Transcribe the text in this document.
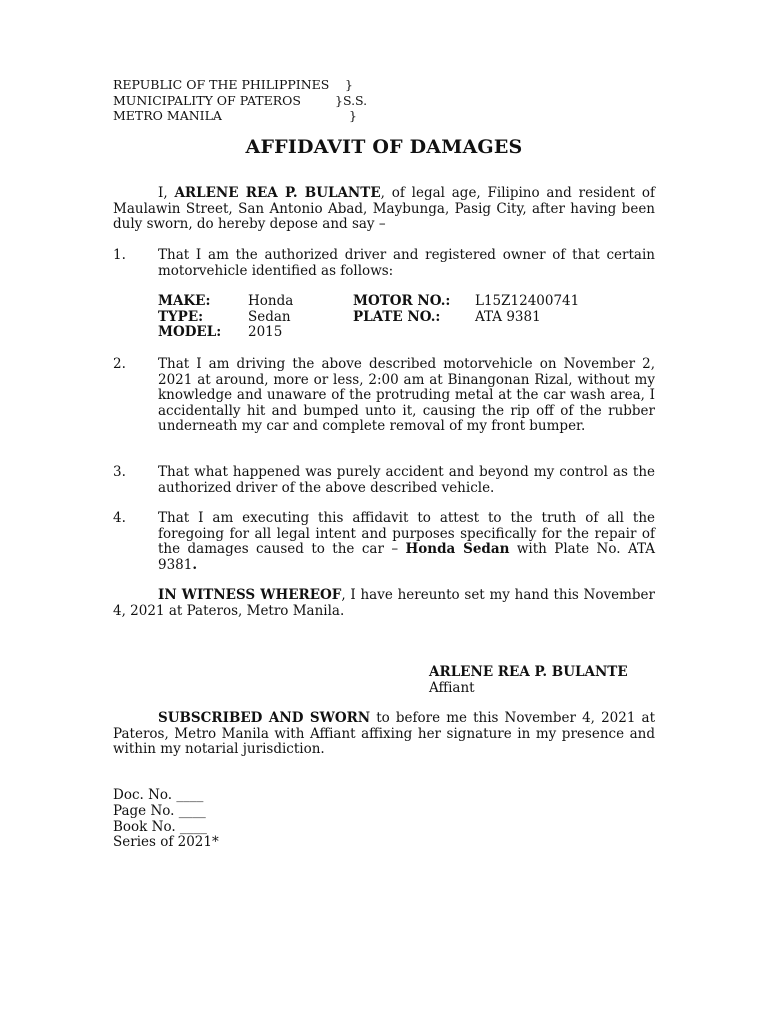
REPUBLIC OF THE PHILIPPINES }
MUNICIPALITY OF PATEROS	}S.S.
METRO MANILA	}
AFFIDAVIT OF DAMAGES
I, ARLENE REA P. BULANTE, of legal age, Filipino and resident of Maulawin Street, San Antonio Abad, Maybunga, Pasig City, after having been duly sworn, do hereby depose and say –
1. That I am the authorized driver and registered owner of that certain motorvehicle identified as follows:
MAKE:	Honda	MOTOR NO.: L15Z12400741
TYPE:	Sedan	PLATE NO.:	ATA 9381
MODEL: 2015
2. That I am driving the above described motorvehicle on November 2, 2021 at around, more or less, 2:00 am at Binangonan Rizal, without my knowledge and unaware of the protruding metal at the car wash area, I accidentally hit and bumped unto it, causing the rip off of the rubber underneath my car and complete removal of my front bumper.
3. That what happened was purely accident and beyond my control as the authorized driver of the above described vehicle.
4. That I am executing this affidavit to attest to the truth of all the foregoing for all legal intent and purposes specifically for the repair of the damages caused to the car – Honda Sedan with Plate No. ATA 9381.
IN WITNESS WHEREOF, I have hereunto set my hand this November 4, 2021 at Pateros, Metro Manila.
ARLENE REA P. BULANTE
Affiant
SUBSCRIBED AND SWORN to before me this November 4, 2021 at Pateros, Metro Manila with Affiant affixing her signature in my presence and within my notarial jurisdiction.
Doc. No. ____
Page No. ____
Book No. ____
Series of 2021*
